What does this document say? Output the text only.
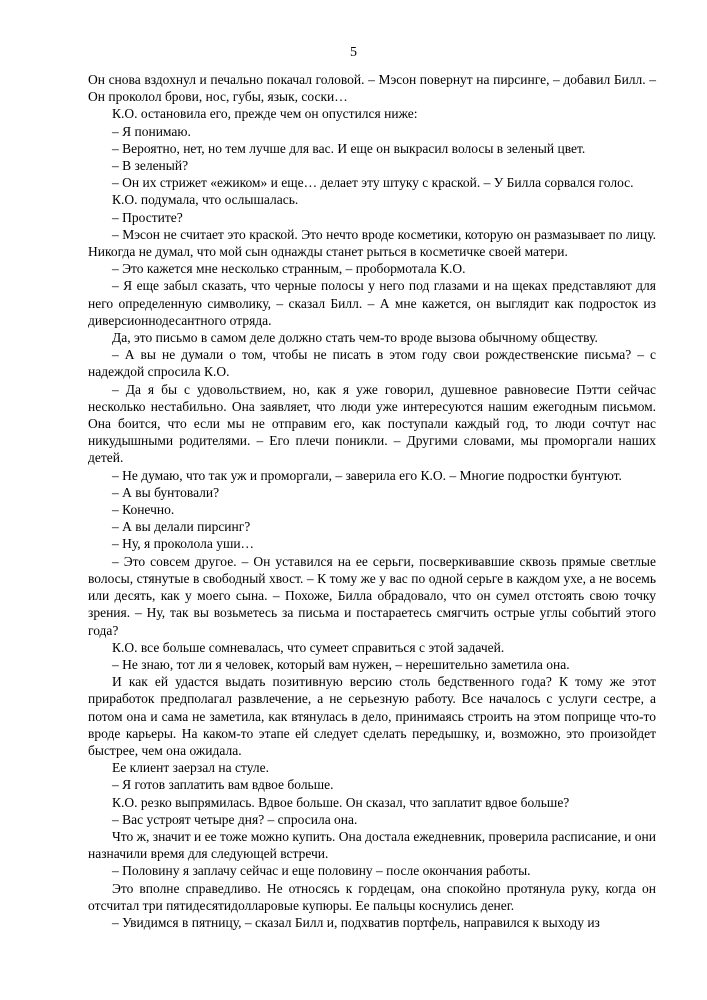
5

Он снова вздохнул и печально покачал головой. – Мэсон повернут на пирсинге, – добавил Билл. – Он проколол брови, нос, губы, язык, соски…

К.О. остановила его, прежде чем он опустился ниже:

– Я понимаю.

– Вероятно, нет, но тем лучше для вас. И еще он выкрасил волосы в зеленый цвет.

– В зеленый?

– Он их стрижет «ежиком» и еще… делает эту штуку с краской. – У Билла сорвался голос.

К.О. подумала, что ослышалась.

– Простите?

– Мэсон не считает это краской. Это нечто вроде косметики, которую он размазывает по лицу. Никогда не думал, что мой сын однажды станет рыться в косметичке своей матери.

– Это кажется мне несколько странным, – пробормотала К.О.

– Я еще забыл сказать, что черные полосы у него под глазами и на щеках представляют для него определенную символику, – сказал Билл. – А мне кажется, он выглядит как подросток из диверсионнодесантного отряда.

Да, это письмо в самом деле должно стать чем-то вроде вызова обычному обществу.

– А вы не думали о том, чтобы не писать в этом году свои рождественские письма? – с надеждой спросила К.О.

– Да я бы с удовольствием, но, как я уже говорил, душевное равновесие Пэтти сейчас несколько нестабильно. Она заявляет, что люди уже интересуются нашим ежегодным письмом. Она боится, что если мы не отправим его, как поступали каждый год, то люди сочтут нас никудышными родителями. – Его плечи поникли. – Другими словами, мы проморгали наших детей.

– Не думаю, что так уж и проморгали, – заверила его К.О. – Многие подростки бунтуют.

– А вы бунтовали?

– Конечно.

– А вы делали пирсинг?

– Ну, я проколола уши…

– Это совсем другое. – Он уставился на ее серьги, посверкивавшие сквозь прямые светлые волосы, стянутые в свободный хвост. – К тому же у вас по одной серьге в каждом ухе, а не восемь или десять, как у моего сына. – Похоже, Билла обрадовало, что он сумел отстоять свою точку зрения. – Ну, так вы возьметесь за письма и постараетесь смягчить острые углы событий этого года?

К.О. все больше сомневалась, что сумеет справиться с этой задачей.

– Не знаю, тот ли я человек, который вам нужен, – нерешительно заметила она.

И как ей удастся выдать позитивную версию столь бедственного года? К тому же этот приработок предполагал развлечение, а не серьезную работу. Все началось с услуги сестре, а потом она и сама не заметила, как втянулась в дело, принимаясь строить на этом поприще что-то вроде карьеры. На каком-то этапе ей следует сделать передышку, и, возможно, это произойдет быстрее, чем она ожидала.

Ее клиент заерзал на стуле.

– Я готов заплатить вам вдвое больше.

К.О. резко выпрямилась. Вдвое больше. Он сказал, что заплатит вдвое больше?

– Вас устроят четыре дня? – спросила она.

Что ж, значит и ее тоже можно купить. Она достала ежедневник, проверила расписание, и они назначили время для следующей встречи.

– Половину я заплачу сейчас и еще половину – после окончания работы.

Это вполне справедливо. Не относясь к гордецам, она спокойно протянула руку, когда он отсчитал три пятидесятидолларовые купюры. Ее пальцы коснулись денег.

– Увидимся в пятницу, – сказал Билл и, подхватив портфель, направился к выходу из
